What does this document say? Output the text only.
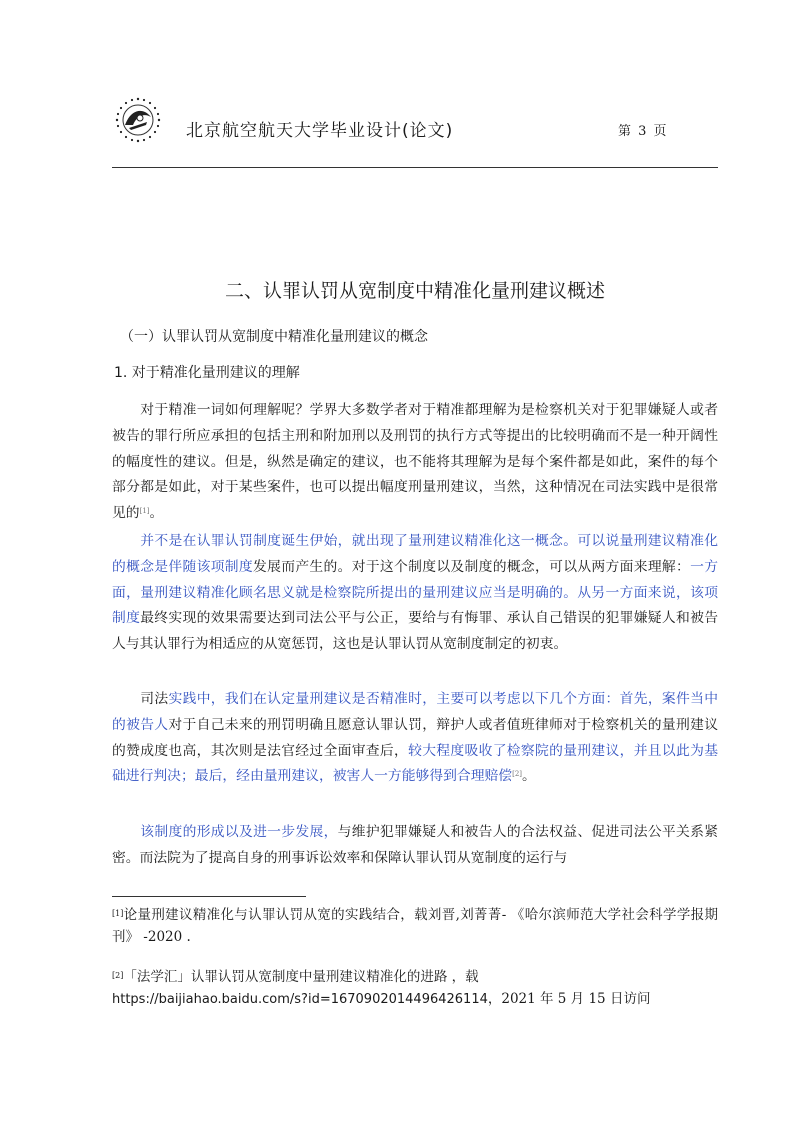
北京航空航天大学毕业设计(论文)	第 3 页
二、认罪认罚从宽制度中精准化量刑建议概述
（一）认罪认罚从宽制度中精准化量刑建议的概念
1. 对于精准化量刑建议的理解

对于精准一词如何理解呢？学界大多数学者对于精准都理解为是检察机关对于犯罪嫌疑人或者被告的罪行所应承担的包括主刑和附加刑以及刑罚的执行方式等提出的比较明确而不是一种开阔性的幅度性的建议。但是，纵然是确定的建议，也不能将其理解为是每个案件都是如此，案件的每个部分都是如此，对于某些案件，也可以提出幅度刑量刑建议，当然，这种情况在司法实践中是很常见的[1]。

并不是在认罪认罚制度诞生伊始，就出现了量刑建议精准化这一概念。可以说量刑建议精准化的概念是伴随该项制度发展而产生的。对于这个制度以及制度的概念，可以从两方面来理解：一方面，量刑建议精准化顾名思义就是检察院所提出的量刑建议应当是明确的。从另一方面来说，该项制度最终实现的效果需要达到司法公平与公正，要给与有悔罪、承认自己错误的犯罪嫌疑人和被告人与其认罪行为相适应的从宽惩罚，这也是认罪认罚从宽制度制定的初衷。

司法实践中，我们在认定量刑建议是否精准时，主要可以考虑以下几个方面：首先，案件当中的被告人对于自己未来的刑罚明确且愿意认罪认罚，辩护人或者值班律师对于检察机关的量刑建议的赞成度也高，其次则是法官经过全面审查后，较大程度吸收了检察院的量刑建议，并且以此为基础进行判决；最后，经由量刑建议，被害人一方能够得到合理赔偿[2]。

该制度的形成以及进一步发展，与维护犯罪嫌疑人和被告人的合法权益、促进司法公平关系紧密。而法院为了提高自身的刑事诉讼效率和保障认罪认罚从宽制度的运行与

[1]论量刑建议精准化与认罪认罚从宽的实践结合，载刘晋,刘菁菁- 《哈尔滨师范大学社会科学学报期刊》 -2020 .

[2]「法学汇」认罪认罚从宽制度中量刑建议精准化的进路 ，载
https://baijiahao.baidu.com/s?id=1670902014496426114，2021 年 5 月 15 日访问
